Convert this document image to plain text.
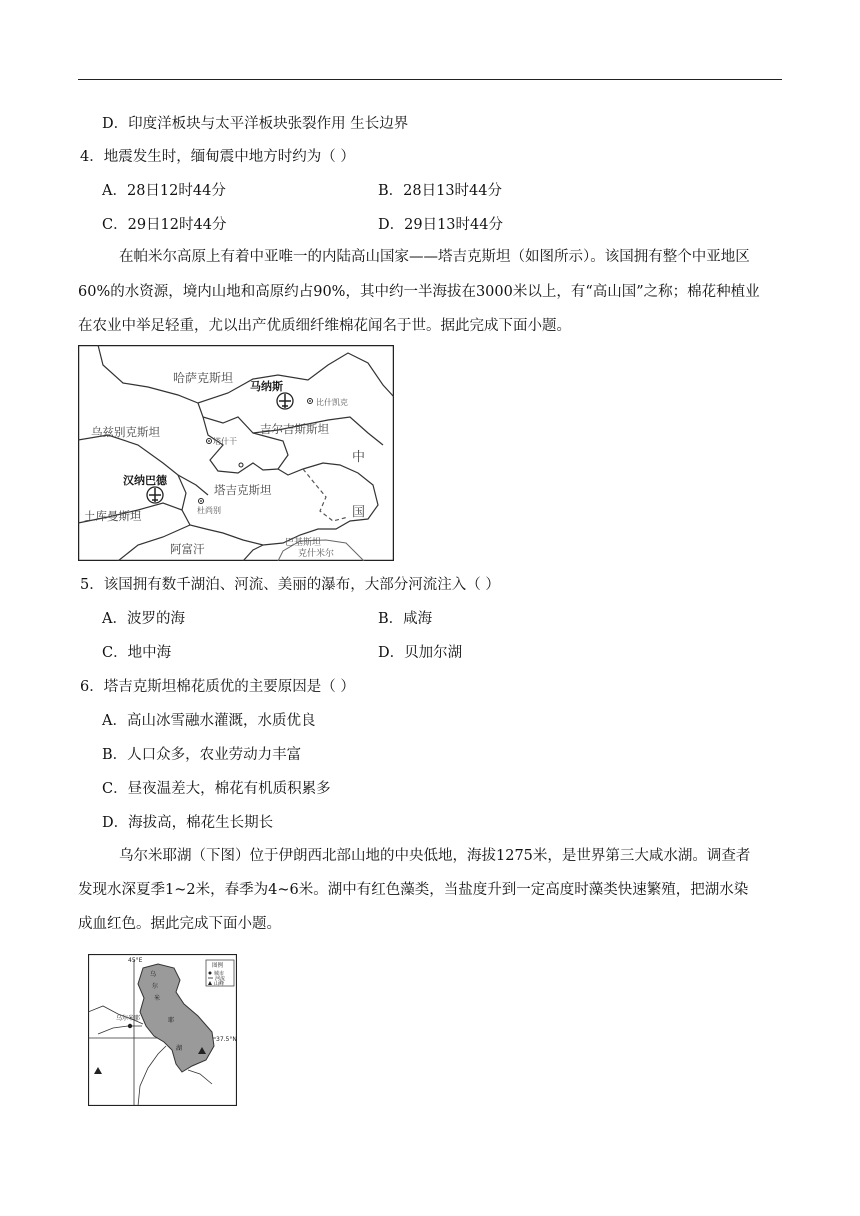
D．印度洋板块与太平洋板块张裂作用 生长边界
4．地震发生时，缅甸震中地方时约为（ ）
A．28日12时44分	B．28日13时44分
C．29日12时44分	D．29日13时44分
在帕米尔高原上有着中亚唯一的内陆高山国家——塔吉克斯坦（如图所示）。该国拥有整个中亚地区
60%的水资源，境内山地和高原约占90%，其中约一半海拔在3000米以上，有“高山国”之称；棉花种植业
在农业中举足轻重，尤以出产优质细纤维棉花闻名于世。据此完成下面小题。
哈萨克斯坦
马纳斯
比什凯克
乌兹别克斯坦
塔什干
吉尔吉斯斯坦
中
国
汉纳巴德
塔吉克斯坦
杜尚别
土库曼斯坦
阿富汗	巴基斯坦
克什米尔
5．该国拥有数千湖泊、河流、美丽的瀑布，大部分河流注入（ ）
A．波罗的海	B．咸海
C．地中海	D．贝加尔湖
6．塔吉克斯坦棉花质优的主要原因是（ ）
A．高山冰雪融水灌溉，水质优良
B．人口众多，农业劳动力丰富
C．昼夜温差大，棉花有机质积累多
D．海拔高，棉花生长期长
乌尔米耶湖（下图）位于伊朗西北部山地的中央低地，海拔1275米，是世界第三大咸水湖。调查者
发现水深夏季1~2米，春季为4~6米。湖中有红色藻类，当盐度升到一定高度时藻类快速繁殖，把湖水染
成血红色。据此完成下面小题。
图例
城市
河流
山峰
45°E
37.5°N
乌尔米耶
乌
尔
米
耶
湖
